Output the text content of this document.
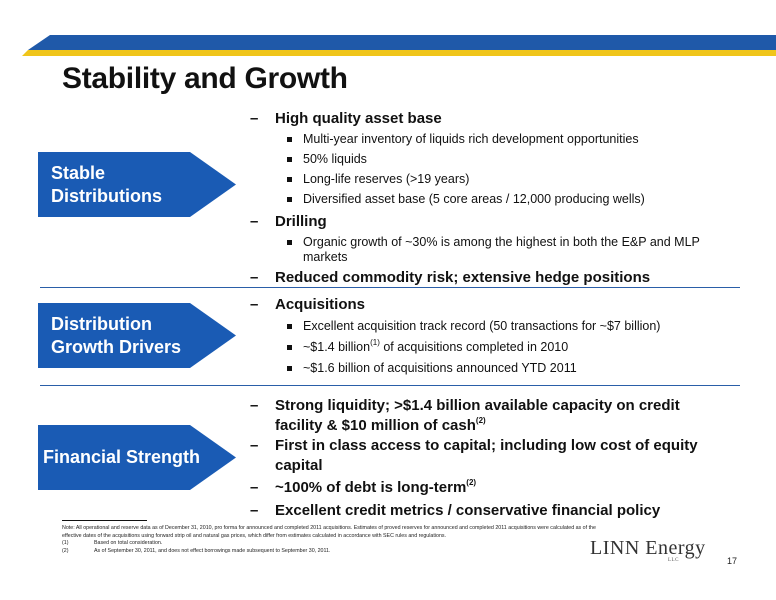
Stability and Growth
Stable
Distributions
– High quality asset base
Multi-year inventory of liquids rich development opportunities
50% liquids
Long-life reserves (>19 years)
Diversified asset base (5 core areas / 12,000 producing wells)
– Drilling
Organic growth of ~30% is among the highest in both the E&P and MLP markets
– Reduced commodity risk; extensive hedge positions
Distribution
Growth Drivers
– Acquisitions
Excellent acquisition track record (50 transactions for ~$7 billion)
~$1.4 billion$^{(1)}$ of acquisitions completed in 2010
~$1.6 billion of acquisitions announced YTD 2011
Financial Strength
– Strong liquidity; >$1.4 billion available capacity on credit facility & $10 million of cash$^{(2)}$
– First in class access to capital; including low cost of equity capital
– ~100% of debt is long-term$^{(2)}$
– Excellent credit metrics / conservative financial policy
Note: All operational and reserve data as of December 31, 2010, pro forma for announced and completed 2011 acquisitions. Estimates of proved reserves for announced and completed 2011 acquisitions were calculated as of the effective dates of the acquisitions using forward strip oil and natural gas prices, which differ from estimates calculated in accordance with SEC rules and regulations.
(1)	Based on total consideration.
(2)	As of September 30, 2011, and does not effect borrowings made subsequent to September 30, 2011.	LINN Energy
LLC	17
